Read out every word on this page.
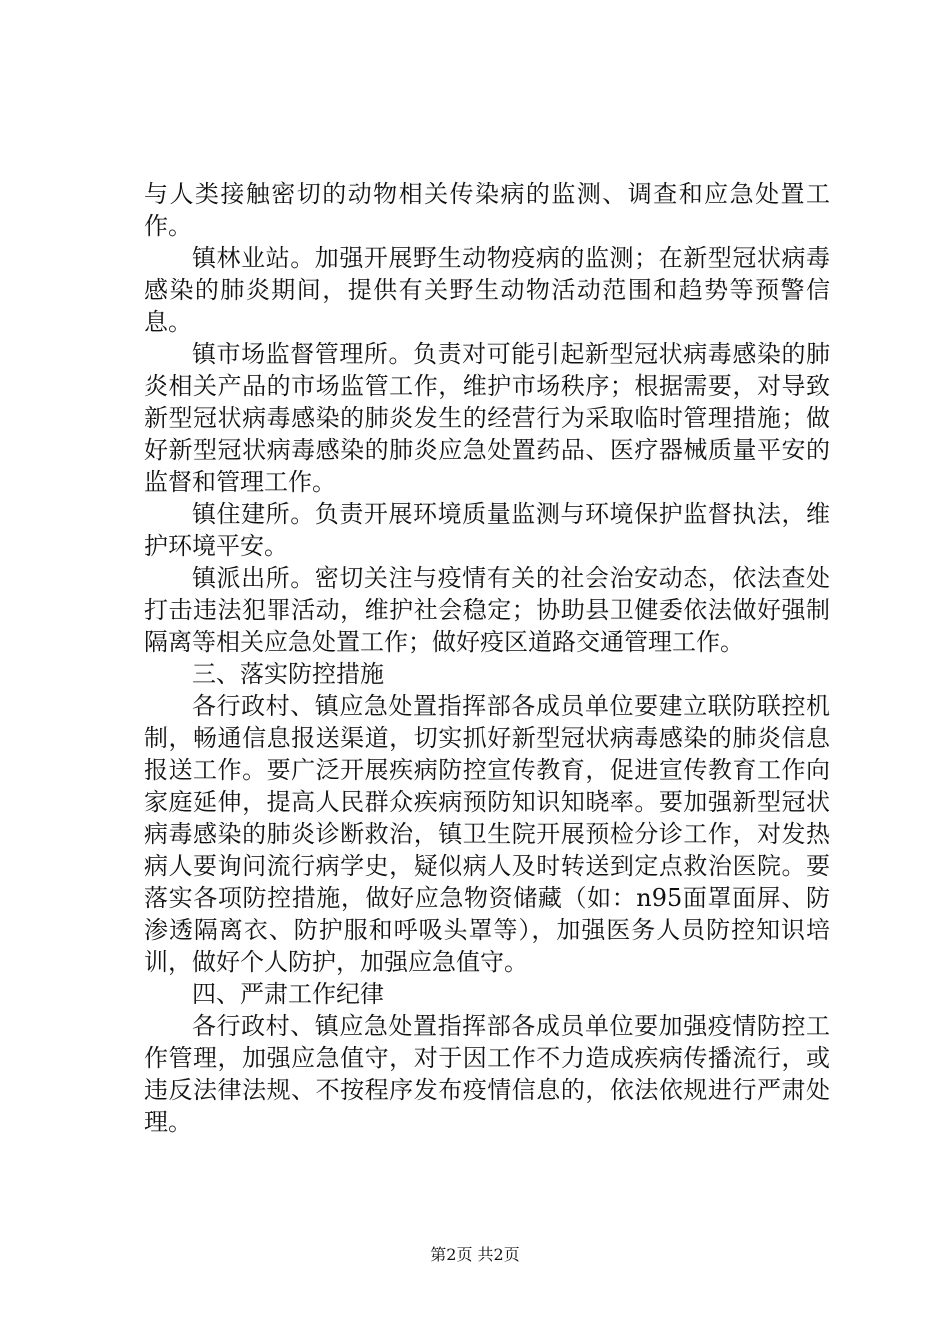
与人类接触密切的动物相关传染病的监测、调查和应急处置工作。

镇林业站。加强开展野生动物疫病的监测；在新型冠状病毒感染的肺炎期间，提供有关野生动物活动范围和趋势等预警信息。

镇市场监督管理所。负责对可能引起新型冠状病毒感染的肺炎相关产品的市场监管工作，维护市场秩序；根据需要，对导致新型冠状病毒感染的肺炎发生的经营行为采取临时管理措施；做好新型冠状病毒感染的肺炎应急处置药品、医疗器械质量平安的监督和管理工作。

镇住建所。负责开展环境质量监测与环境保护监督执法，维护环境平安。

镇派出所。密切关注与疫情有关的社会治安动态，依法查处打击违法犯罪活动，维护社会稳定；协助县卫健委依法做好强制隔离等相关应急处置工作；做好疫区道路交通管理工作。

三、落实防控措施

各行政村、镇应急处置指挥部各成员单位要建立联防联控机制，畅通信息报送渠道，切实抓好新型冠状病毒感染的肺炎信息报送工作。要广泛开展疾病防控宣传教育，促进宣传教育工作向家庭延伸，提高人民群众疾病预防知识知晓率。要加强新型冠状病毒感染的肺炎诊断救治，镇卫生院开展预检分诊工作，对发热病人要询问流行病学史，疑似病人及时转送到定点救治医院。要落实各项防控措施，做好应急物资储藏（如：n95面罩面屏、防渗透隔离衣、防护服和呼吸头罩等），加强医务人员防控知识培训，做好个人防护，加强应急值守。

四、严肃工作纪律

各行政村、镇应急处置指挥部各成员单位要加强疫情防控工作管理，加强应急值守，对于因工作不力造成疾病传播流行，或违反法律法规、不按程序发布疫情信息的，依法依规进行严肃处理。

第2页 共2页
